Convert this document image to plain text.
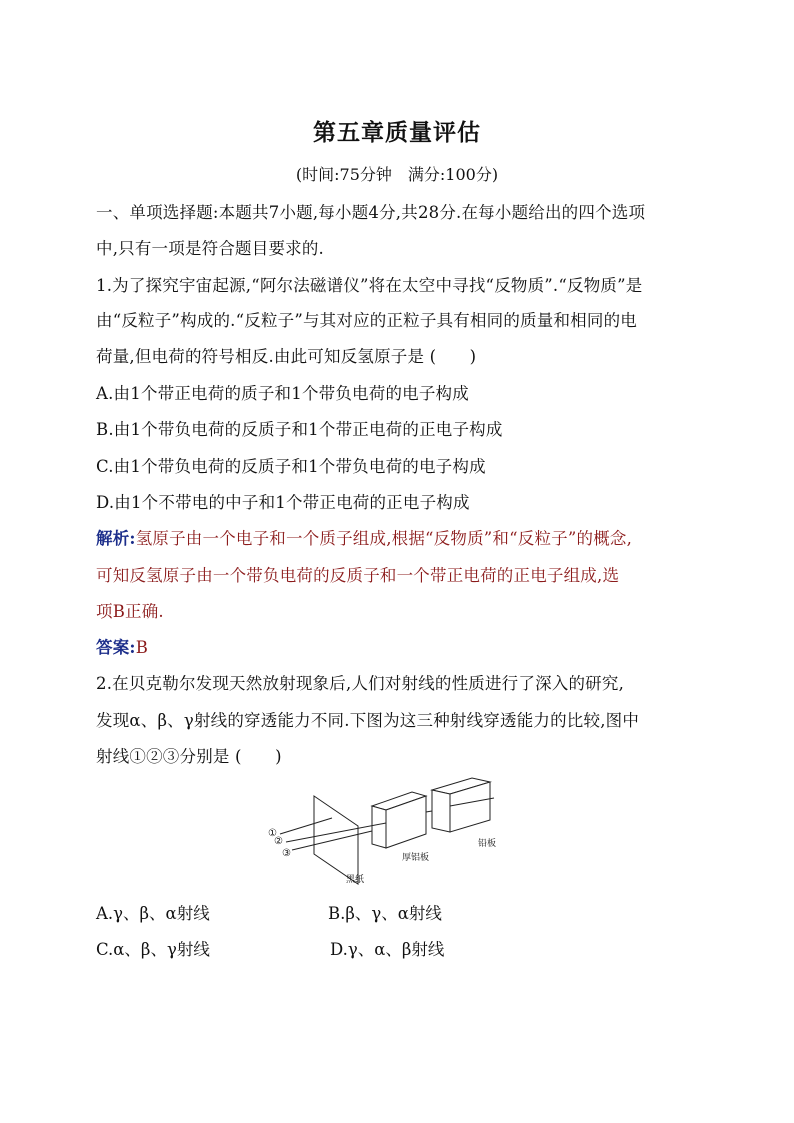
第五章质量评估
(时间:75分钟　满分:100分)
一、单项选择题:本题共7小题,每小题4分,共28分.在每小题给出的四个选项
中,只有一项是符合题目要求的.
1.为了探究宇宙起源,“阿尔法磁谱仪”将在太空中寻找“反物质”.“反物质”是
由“反粒子”构成的.“反粒子”与其对应的正粒子具有相同的质量和相同的电
荷量,但电荷的符号相反.由此可知反氢原子是 (　　)
A.由1个带正电荷的质子和1个带负电荷的电子构成
B.由1个带负电荷的反质子和1个带正电荷的正电子构成
C.由1个带负电荷的反质子和1个带负电荷的电子构成
D.由1个不带电的中子和1个带正电荷的正电子构成
解析:氢原子由一个电子和一个质子组成,根据“反物质”和“反粒子”的概念,
可知反氢原子由一个带负电荷的反质子和一个带正电荷的正电子组成,选
项B正确.
答案:B
2.在贝克勒尔发现天然放射现象后,人们对射线的性质进行了深入的研究,
发现α、β、γ射线的穿透能力不同.下图为这三种射线穿透能力的比较,图中
射线①②③分别是 (　　)
①
②
③
黑纸
厚铝板
铅板
A.γ、β、α射线	B.β、γ、α射线
C.α、β、γ射线	D.γ、α、β射线
